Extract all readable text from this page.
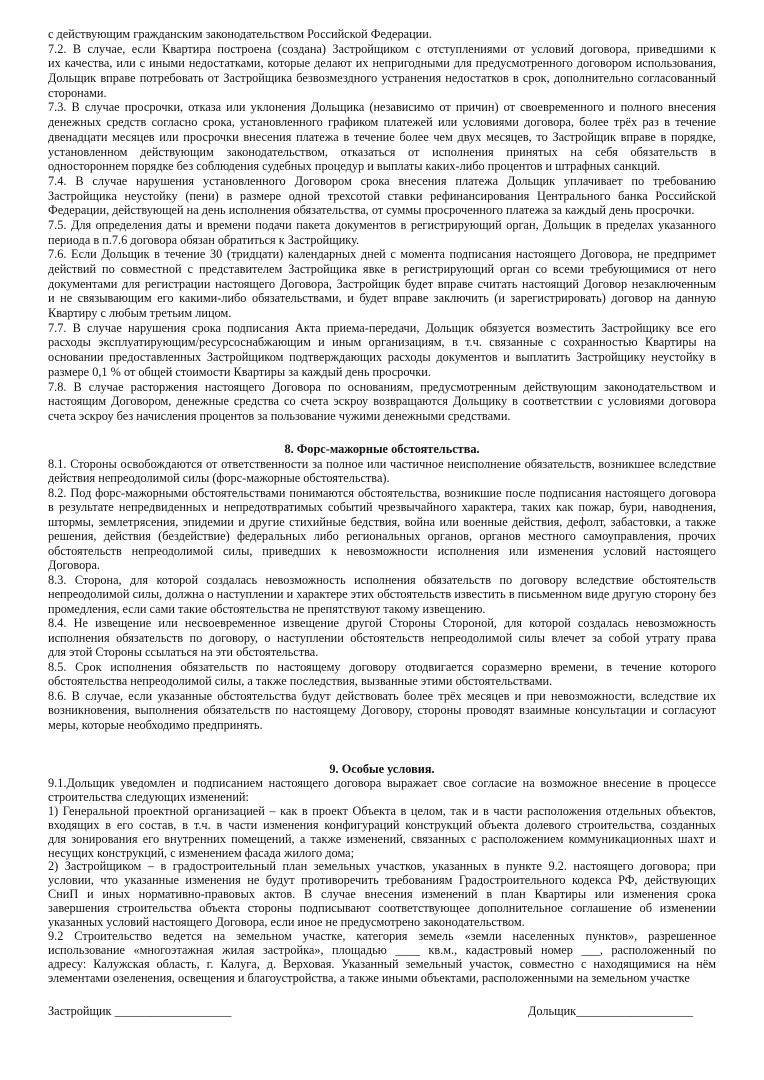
с действующим гражданским законодательством Российской Федерации.
7.2. В случае, если Квартира построена (создана) Застройщиком с отступлениями от условий договора, приведшими к
их качества, или с иными недостатками, которые делают их непригодными для предусмотренного договором использования,
Дольщик вправе потребовать от Застройщика безвозмездного устранения недостатков в срок, дополнительно согласованный
сторонами.
7.3. В случае просрочки, отказа или уклонения Дольщика (независимо от причин) от своевременного и полного внесения
денежных средств согласно срока, установленного графиком платежей или условиями договора, более трёх раз в течение
двенадцати месяцев или просрочки внесения платежа в течение более чем двух месяцев, то Застройщик вправе в порядке,
установленном действующим законодательством, отказаться от исполнения принятых на себя обязательств в
одностороннем порядке без соблюдения судебных процедур и выплаты каких-либо процентов и штрафных санкций.
7.4. В случае нарушения установленного Договором срока внесения платежа Дольщик уплачивает по требованию
Застройщика неустойку (пени) в размере одной трехсотой ставки рефинансирования Центрального банка Российской
Федерации, действующей на день исполнения обязательства, от суммы просроченного платежа за каждый день просрочки.
7.5. Для определения даты и времени подачи пакета документов в регистрирующий орган, Дольщик в пределах указанного
периода в п.7.6 договора обязан обратиться к Застройщику.
7.6. Если Дольщик в течение 30 (тридцати) календарных дней с момента подписания настоящего Договора, не предпримет
действий по совместной с представителем Застройщика явке в регистрирующий орган со всеми требующимися от него
документами для регистрации настоящего Договора, Застройщик будет вправе считать настоящий Договор незаключенным
и не связывающим его какими-либо обязательствами, и будет вправе заключить (и зарегистрировать) договор на данную
Квартиру с любым третьим лицом.
7.7. В случае нарушения срока подписания Акта приема-передачи, Дольщик обязуется возместить Застройщику все его
расходы эксплуатирующим/ресурсоснабжающим и иным организациям, в т.ч. связанные с сохранностью Квартиры на
основании предоставленных Застройщиком подтверждающих расходы документов и выплатить Застройщику неустойку в
размере 0,1 % от общей стоимости Квартиры за каждый день просрочки.
7.8. В случае расторжения настоящего Договора по основаниям, предусмотренным действующим законодательством и
настоящим Договором, денежные средства со счета эскроу возвращаются Дольщику в соответствии с условиями договора
счета эскроу без начисления процентов за пользование чужими денежными средствами.
8. Форс-мажорные обстоятельства.
8.1. Стороны освобождаются от ответственности за полное или частичное неисполнение обязательств, возникшее вследствие
действия непреодолимой силы (форс-мажорные обстоятельства).
8.2. Под форс-мажорными обстоятельствами понимаются обстоятельства, возникшие после подписания настоящего договора
в результате непредвиденных и непредотвратимых событий чрезвычайного характера, таких как пожар, бури, наводнения,
штормы, землетрясения, эпидемии и другие стихийные бедствия, война или военные действия, дефолт, забастовки, а также
решения, действия (бездействие) федеральных либо региональных органов, органов местного самоуправления, прочих
обстоятельств непреодолимой силы, приведших к невозможности исполнения или изменения условий настоящего
Договора.
8.3. Сторона, для которой создалась невозможность исполнения обязательств по договору вследствие обстоятельств
непреодолимой силы, должна о наступлении и характере этих обстоятельств известить в письменном виде другую сторону без
промедления, если сами такие обстоятельства не препятствуют такому извещению.
8.4. Не извещение или несвоевременное извещение другой Стороны Стороной, для которой создалась невозможность
исполнения обязательств по договору, о наступлении обстоятельств непреодолимой силы влечет за собой утрату права
для этой Стороны ссылаться на эти обстоятельства.
8.5. Срок исполнения обязательств по настоящему договору отодвигается соразмерно времени, в течение которого
обстоятельства непреодолимой силы, а также последствия, вызванные этими обстоятельствами.
8.6. В случае, если указанные обстоятельства будут действовать более трёх месяцев и при невозможности, вследствие их
возникновения, выполнения обязательств по настоящему Договору, стороны проводят взаимные консультации и согласуют
меры, которые необходимо предпринять.
9. Особые условия.
9.1.Дольщик уведомлен и подписанием настоящего договора выражает свое согласие на возможное внесение в процессе
строительства следующих изменений:
1) Генеральной проектной организацией – как в проект Объекта в целом, так и в части расположения отдельных объектов,
входящих в его состав, в т.ч. в части изменения конфигураций конструкций объекта долевого строительства, созданных
для зонирования его внутренних помещений, а также изменений, связанных с расположением коммуникационных шахт и
несущих конструкций, с изменением фасада жилого дома;
2) Застройщиком – в градостроительный план земельных участков, указанных в пункте 9.2. настоящего договора; при
условии, что указанные изменения не будут противоречить требованиям Градостроительного кодекса РФ, действующих
СниП и иных нормативно-правовых актов. В случае внесения изменений в план Квартиры или изменения срока
завершения строительства объекта стороны подписывают соответствующее дополнительное соглашение об изменении
указанных условий настоящего Договора, если иное не предусмотрено законодательством.
9.2 Строительство ведется на земельном участке, категория земель «земли населенных пунктов», разрешенное
использование «многоэтажная жилая застройка», площадью ____ кв.м., кадастровый номер ___, расположенный по
адресу: Калужская область, г. Калуга, д. Верховая. Указанный земельный участок, совместно с находящимися на нём
элементами озеленения, освещения и благоустройства, а также иными объектами, расположенными на земельном участке
Застройщик ___________________	Дольщик___________________
